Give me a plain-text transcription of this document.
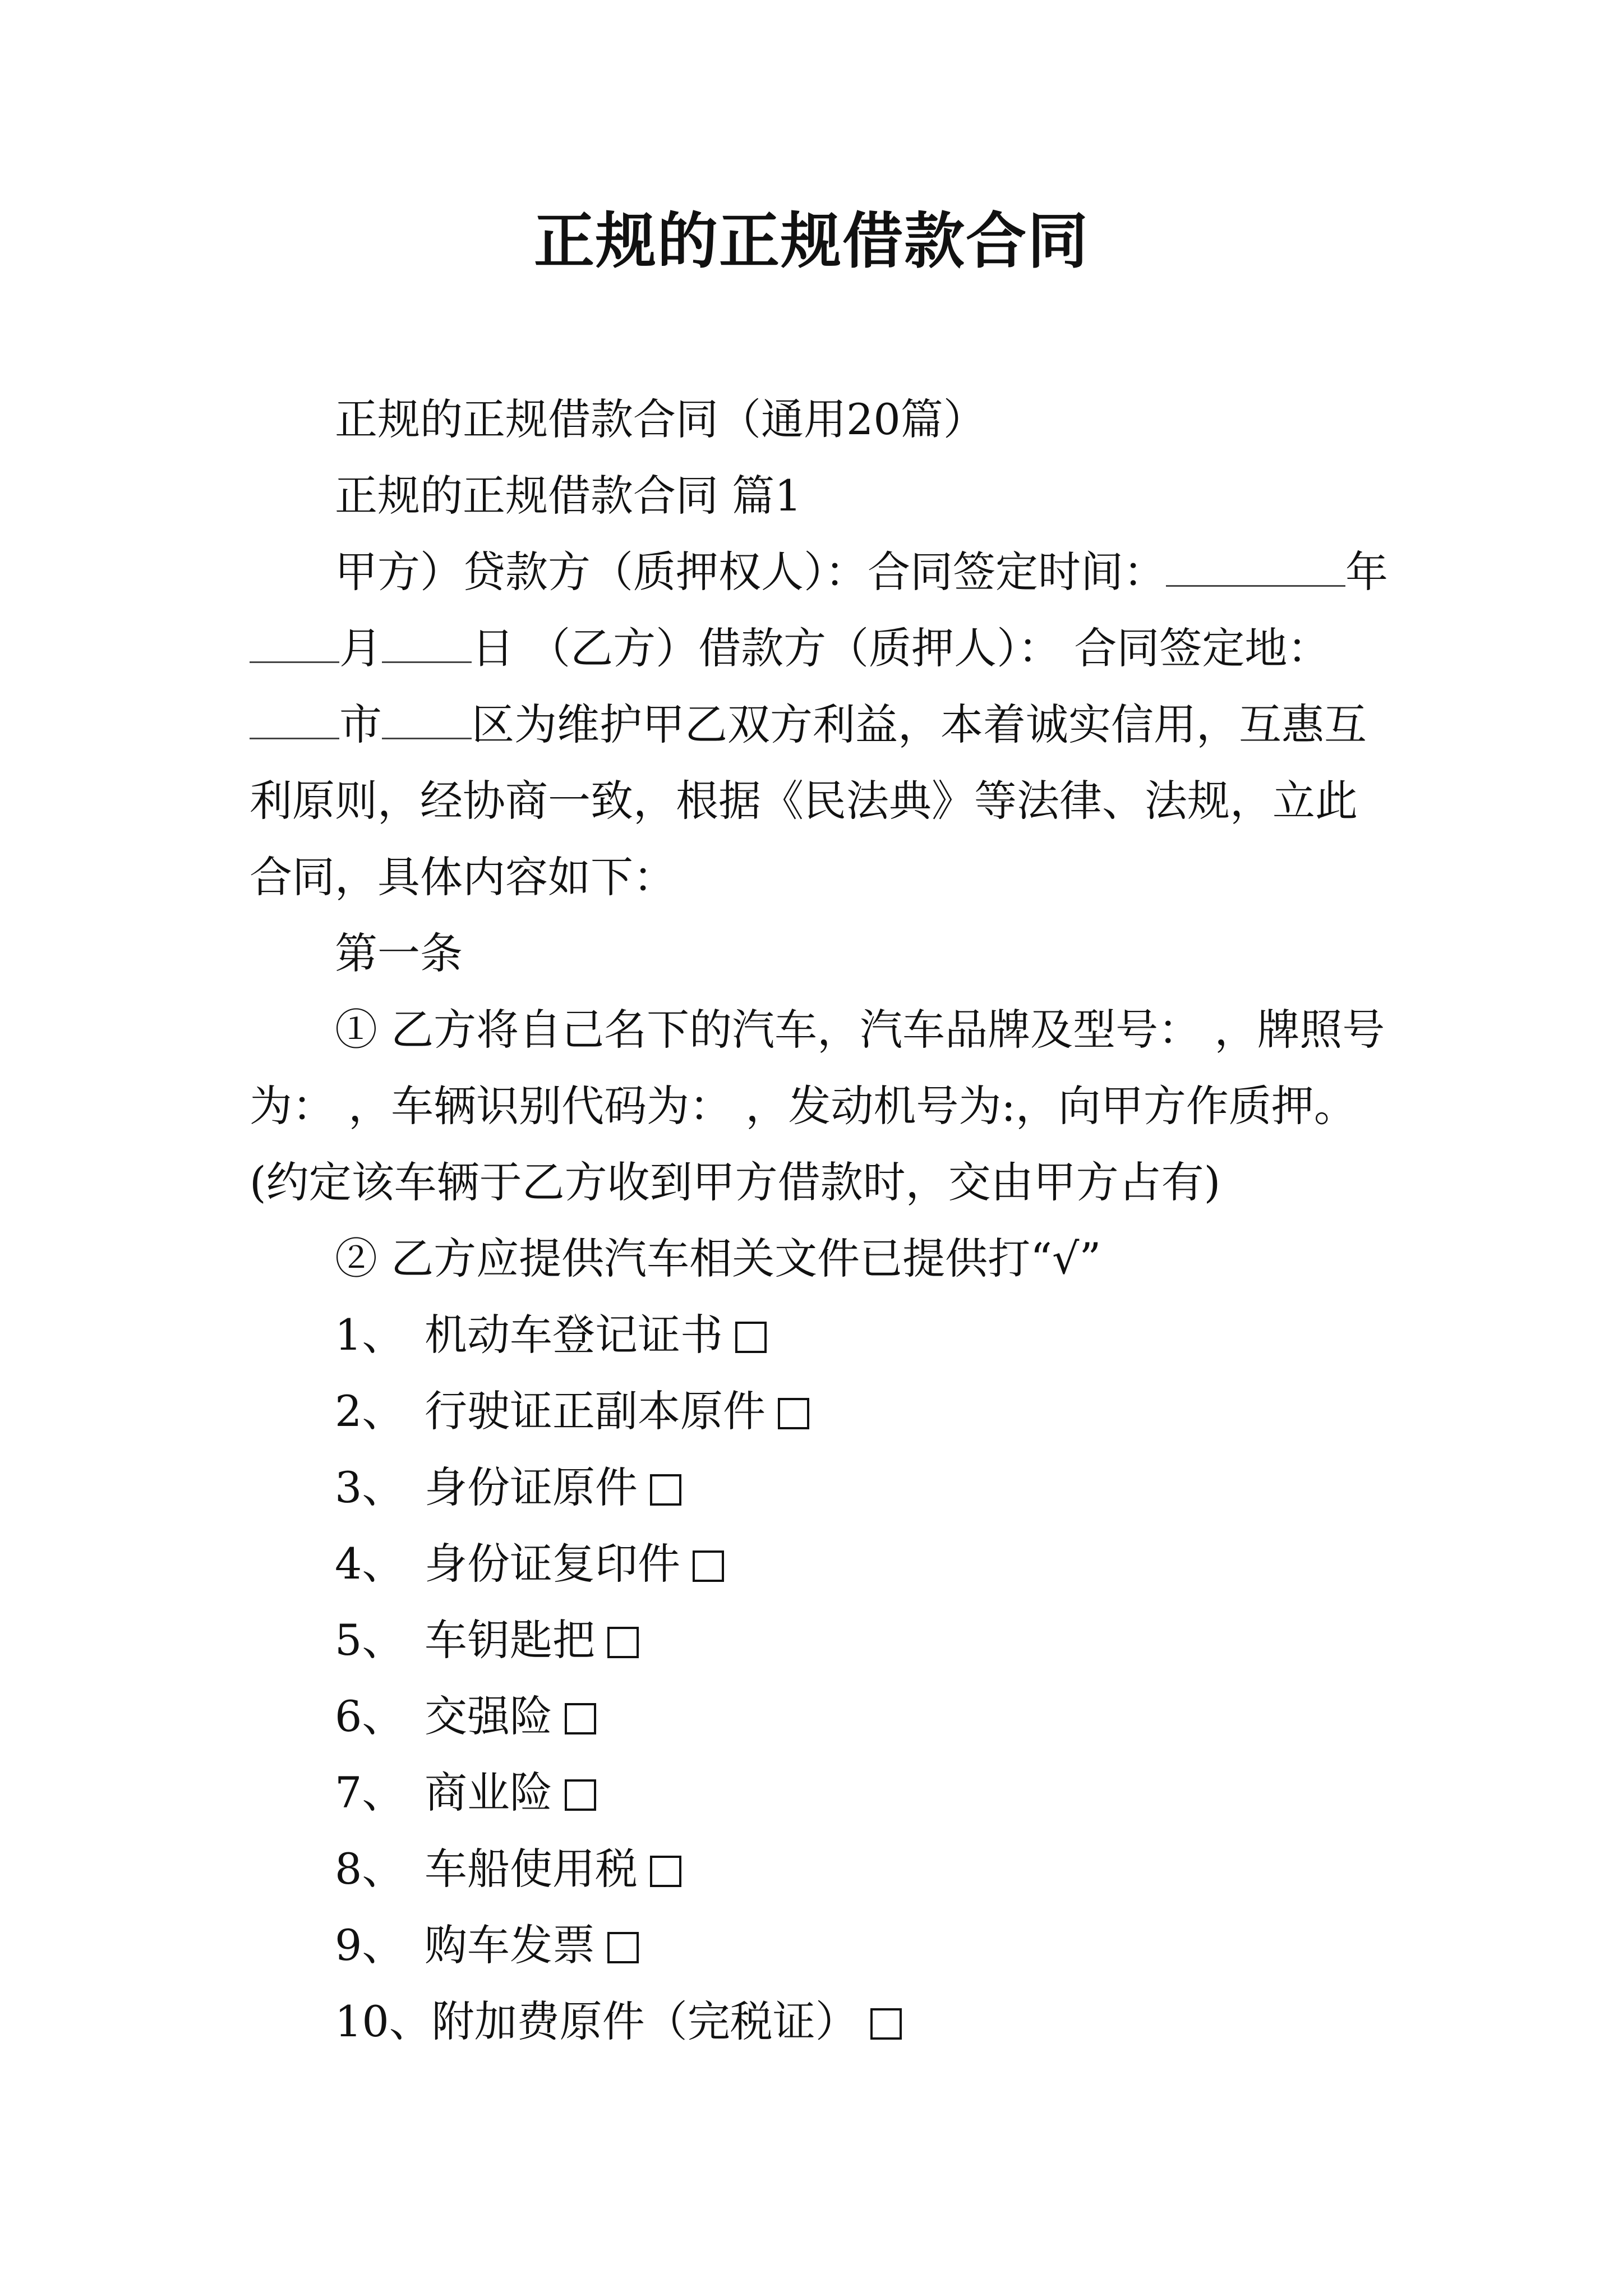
正规的正规借款合同

正规的正规借款合同（通用20篇）

正规的正规借款合同 篇1

甲方）贷款方（质押权人）：合同签定时间：	年月 日 （乙方）借款方（质押人）： 合同签定地：市 区为维护甲乙双方利益，本着诚实信用，互惠互利原则，经协商一致，根据《民法典》等法律、法规，立此合同，具体内容如下：

第一条

① 乙方将自己名下的汽车，汽车品牌及型号： ，牌照号为： ，车辆识别代码为： ，发动机号为:，向甲方作质押。(约定该车辆于乙方收到甲方借款时，交由甲方占有)

② 乙方应提供汽车相关文件已提供打“√”

1、 机动车登记证书
2、 行驶证正副本原件
3、 身份证原件
4、 身份证复印件
5、 车钥匙把
6、 交强险
7、 商业险
8、 车船使用税
9、 购车发票
10、 附加费原件（完税证）
